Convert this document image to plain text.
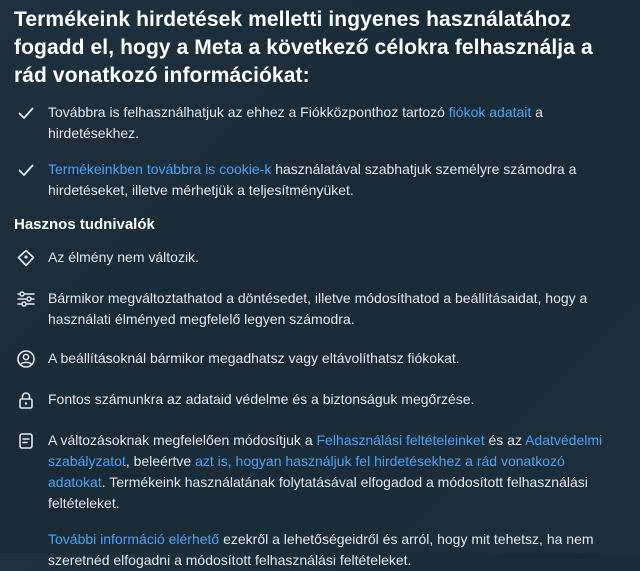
Termékeink hirdetések melletti ingyenes használatához fogadd el, hogy a Meta a következő célokra felhasználja a rád vonatkozó információkat:
Továbbra is felhasználhatjuk az ehhez a Fiókközponthoz tartozó fiókok adatait a hirdetésekhez.
Termékeinkben továbbra is cookie-k használatával szabhatjuk személyre számodra a hirdetéseket, illetve mérhetjük a teljesítményüket.
Hasznos tudnivalók
Az élmény nem változik.
Bármikor megváltoztathatod a döntésedet, illetve módosíthatod a beállításaidat, hogy a használati élményed megfelelő legyen számodra.
A beállításoknál bármikor megadhatsz vagy eltávolíthatsz fiókokat.
Fontos számunkra az adataid védelme és a biztonságuk megőrzése.
A változásoknak megfelelően módosítjuk a Felhasználási feltételeinket és az Adatvédelmi szabályzatot, beleértve azt is, hogyan használjuk fel hirdetésekhez a rád vonatkozó adatokat. Termékeink használatának folytatásával elfogadod a módosított felhasználási feltételeket.
További információ elérhető ezekről a lehetőségeidről és arról, hogy mit tehetsz, ha nem szeretnéd elfogadni a módosított felhasználási feltételeket.
